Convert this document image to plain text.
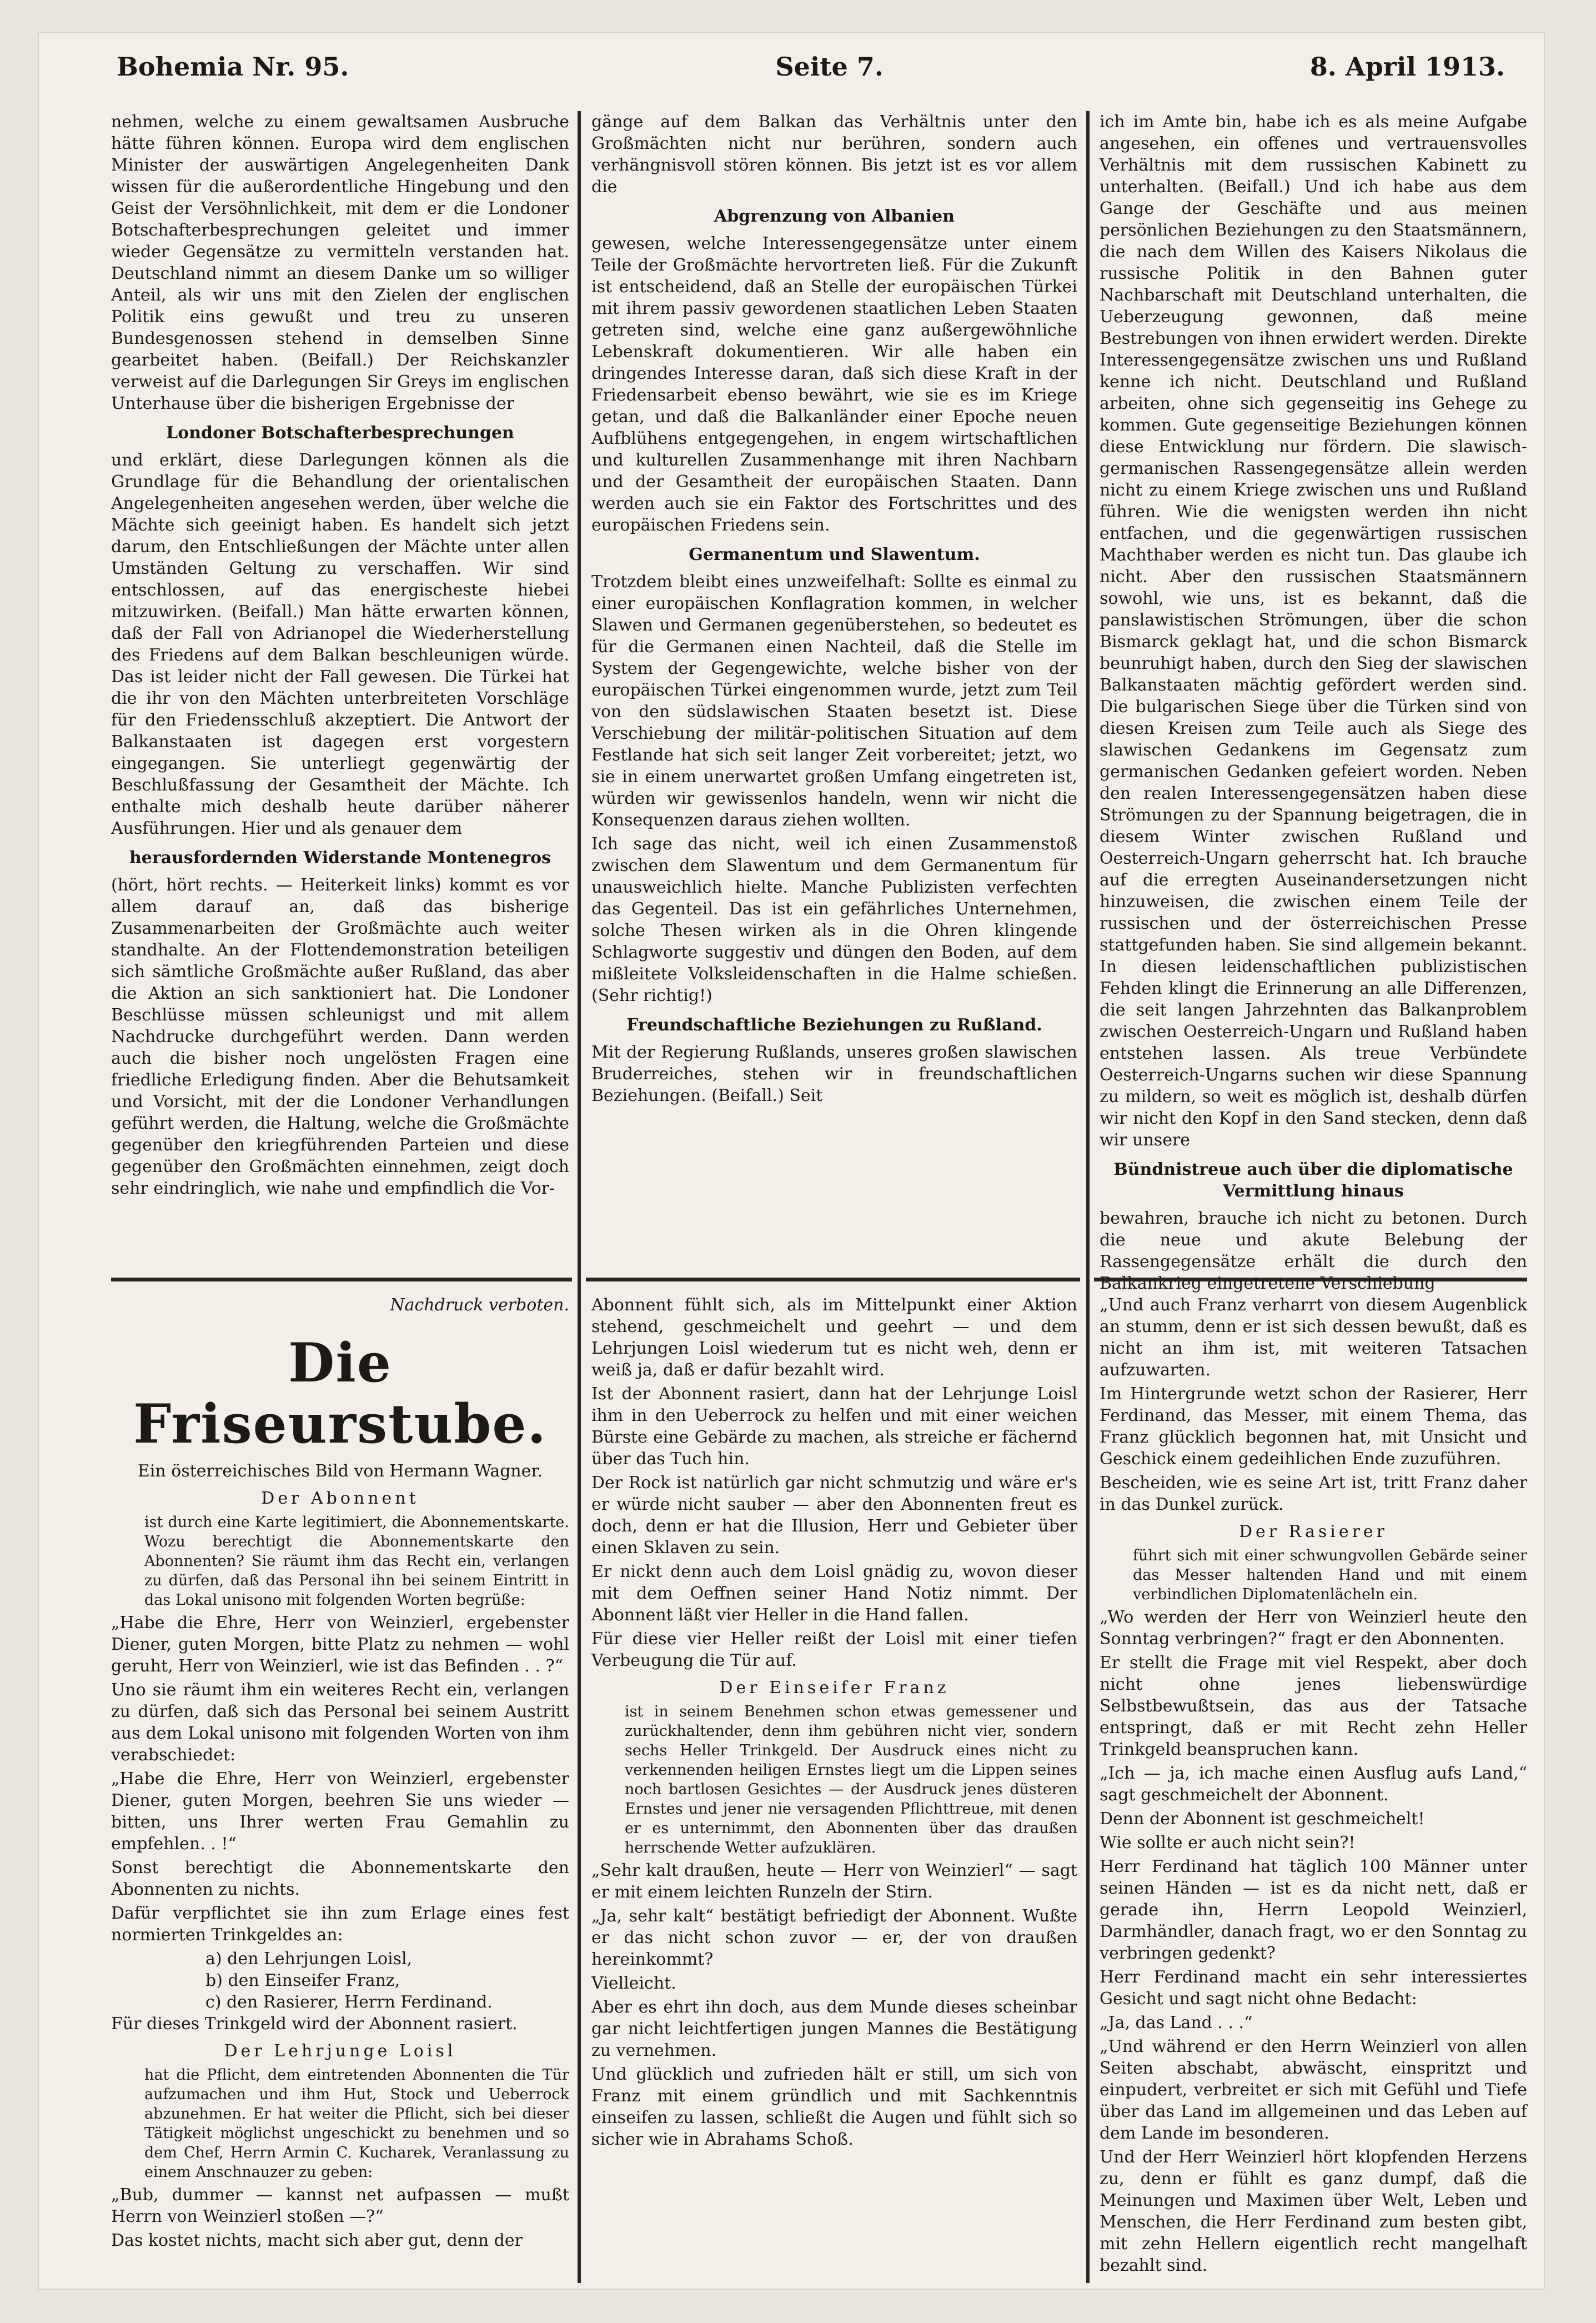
Bohemia Nr. 95.	Seite 7.	8. April 1913.

nehmen, welche zu einem gewaltsamen Ausbruche hätte führen können. Europa wird dem englischen Minister der auswärtigen Angelegenheiten Dank wissen für die außerordentliche Hingebung und den Geist der Versöhnlichkeit, mit dem er die Londoner Botschafterbesprechungen geleitet und immer wieder Gegensätze zu vermitteln verstanden hat. Deutschland nimmt an diesem Danke um so williger Anteil, als wir uns mit den Zielen der englischen Politik eins gewußt und treu zu unseren Bundesgenossen stehend in demselben Sinne gearbeitet haben. (Beifall.) Der Reichskanzler verweist auf die Darlegungen Sir Greys im englischen Unterhause über die bisherigen Ergebnisse der

Londoner Botschafterbesprechungen

und erklärt, diese Darlegungen können als die Grundlage für die Behandlung der orientalischen Angelegenheiten angesehen werden, über welche die Mächte sich geeinigt haben. Es handelt sich jetzt darum, den Entschließungen der Mächte unter allen Umständen Geltung zu verschaffen. Wir sind entschlossen, auf das energischeste hiebei mitzuwirken. (Beifall.) Man hätte erwarten können, daß der Fall von Adrianopel die Wiederherstellung des Friedens auf dem Balkan beschleunigen würde. Das ist leider nicht der Fall gewesen. Die Türkei hat die ihr von den Mächten unterbreiteten Vorschläge für den Friedensschluß akzeptiert. Die Antwort der Balkanstaaten ist dagegen erst vorgestern eingegangen. Sie unterliegt gegenwärtig der Beschlußfassung der Gesamtheit der Mächte. Ich enthalte mich deshalb heute darüber näherer Ausführungen. Hier und als genauer dem

herausfordernden Widerstande Montenegros

(hört, hört rechts. — Heiterkeit links) kommt es vor allem darauf an, daß das bisherige Zusammenarbeiten der Großmächte auch weiter standhalte. An der Flottendemonstration beteiligen sich sämtliche Großmächte außer Rußland, das aber die Aktion an sich sanktioniert hat. Die Londoner Beschlüsse müssen schleunigst und mit allem Nachdrucke durchgeführt werden. Dann werden auch die bisher noch ungelösten Fragen eine friedliche Erledigung finden. Aber die Behutsamkeit und Vorsicht, mit der die Londoner Verhandlungen geführt werden, die Haltung, welche die Großmächte gegenüber den kriegführenden Parteien und diese gegenüber den Großmächten einnehmen, zeigt doch sehr eindringlich, wie nahe und empfindlich die Vor-

gänge auf dem Balkan das Verhältnis unter den Großmächten nicht nur berühren, sondern auch verhängnisvoll stören können. Bis jetzt ist es vor allem die

Abgrenzung von Albanien

gewesen, welche Interessengegensätze unter einem Teile der Großmächte hervortreten ließ. Für die Zukunft ist entscheidend, daß an Stelle der europäischen Türkei mit ihrem passiv gewordenen staatlichen Leben Staaten getreten sind, welche eine ganz außergewöhnliche Lebenskraft dokumentieren. Wir alle haben ein dringendes Interesse daran, daß sich diese Kraft in der Friedensarbeit ebenso bewährt, wie sie es im Kriege getan, und daß die Balkanländer einer Epoche neuen Aufblühens entgegengehen, in engem wirtschaftlichen und kulturellen Zusammenhange mit ihren Nachbarn und der Gesamtheit der europäischen Staaten. Dann werden auch sie ein Faktor des Fortschrittes und des europäischen Friedens sein.

Germanentum und Slawentum.

Trotzdem bleibt eines unzweifelhaft: Sollte es einmal zu einer europäischen Konflagration kommen, in welcher Slawen und Germanen gegenüberstehen, so bedeutet es für die Germanen einen Nachteil, daß die Stelle im System der Gegengewichte, welche bisher von der europäischen Türkei eingenommen wurde, jetzt zum Teil von den südslawischen Staaten besetzt ist. Diese Verschiebung der militär-politischen Situation auf dem Festlande hat sich seit langer Zeit vorbereitet; jetzt, wo sie in einem unerwartet großen Umfang eingetreten ist, würden wir gewissenlos handeln, wenn wir nicht die Konsequenzen daraus ziehen wollten.

Ich sage das nicht, weil ich einen Zusammenstoß zwischen dem Slawentum und dem Germanentum für unausweichlich hielte. Manche Publizisten verfechten das Gegenteil. Das ist ein gefährliches Unternehmen, solche Thesen wirken als in die Ohren klingende Schlagworte suggestiv und düngen den Boden, auf dem mißleitete Volksleidenschaften in die Halme schießen. (Sehr richtig!)

Freundschaftliche Beziehungen zu Rußland.

Mit der Regierung Rußlands, unseres großen slawischen Bruderreiches, stehen wir in freundschaftlichen Beziehungen. (Beifall.) Seit

ich im Amte bin, habe ich es als meine Aufgabe angesehen, ein offenes und vertrauensvolles Verhältnis mit dem russischen Kabinett zu unterhalten. (Beifall.) Und ich habe aus dem Gange der Geschäfte und aus meinen persönlichen Beziehungen zu den Staatsmännern, die nach dem Willen des Kaisers Nikolaus die russische Politik in den Bahnen guter Nachbarschaft mit Deutschland unterhalten, die Ueberzeugung gewonnen, daß meine Bestrebungen von ihnen erwidert werden. Direkte Interessengegensätze zwischen uns und Rußland kenne ich nicht. Deutschland und Rußland arbeiten, ohne sich gegenseitig ins Gehege zu kommen. Gute gegenseitige Beziehungen können diese Entwicklung nur fördern. Die slawisch-germanischen Rassengegensätze allein werden nicht zu einem Kriege zwischen uns und Rußland führen. Wie die wenigsten werden ihn nicht entfachen, und die gegenwärtigen russischen Machthaber werden es nicht tun. Das glaube ich nicht. Aber den russischen Staatsmännern sowohl, wie uns, ist es bekannt, daß die panslawistischen Strömungen, über die schon Bismarck geklagt hat, und die schon Bismarck beunruhigt haben, durch den Sieg der slawischen Balkanstaaten mächtig gefördert werden sind. Die bulgarischen Siege über die Türken sind von diesen Kreisen zum Teile auch als Siege des slawischen Gedankens im Gegensatz zum germanischen Gedanken gefeiert worden. Neben den realen Interessengegensätzen haben diese Strömungen zu der Spannung beigetragen, die in diesem Winter zwischen Rußland und Oesterreich-Ungarn geherrscht hat. Ich brauche auf die erregten Auseinandersetzungen nicht hinzuweisen, die zwischen einem Teile der russischen und der österreichischen Presse stattgefunden haben. Sie sind allgemein bekannt. In diesen leidenschaftlichen publizistischen Fehden klingt die Erinnerung an alle Differenzen, die seit langen Jahrzehnten das Balkanproblem zwischen Oesterreich-Ungarn und Rußland haben entstehen lassen. Als treue Verbündete Oesterreich-Ungarns suchen wir diese Spannung zu mildern, so weit es möglich ist, deshalb dürfen wir nicht den Kopf in den Sand stecken, denn daß wir unsere

Bündnistreue auch über die diplomatische Vermittlung hinaus

bewahren, brauche ich nicht zu betonen. Durch die neue und akute Belebung der Rassengegensätze erhält die durch den Balkankrieg eingetretene Verschiebung

Nachdruck verboten.

Die Friseurstube.

Ein österreichisches Bild von Hermann Wagner.

Der Abonnent

ist durch eine Karte legitimiert, die Abonnementskarte. Wozu berechtigt die Abonnementskarte den Abonnenten? Sie räumt ihm das Recht ein, verlangen zu dürfen, daß das Personal ihn bei seinem Eintritt in das Lokal unisono mit folgenden Worten begrüße:

„Habe die Ehre, Herr von Weinzierl, ergebenster Diener, guten Morgen, bitte Platz zu nehmen — wohl geruht, Herr von Weinzierl, wie ist das Befinden . . ?“

Uno sie räumt ihm ein weiteres Recht ein, verlangen zu dürfen, daß sich das Personal bei seinem Austritt aus dem Lokal unisono mit folgenden Worten von ihm verabschiedet:

„Habe die Ehre, Herr von Weinzierl, ergebenster Diener, guten Morgen, beehren Sie uns wieder — bitten, uns Ihrer werten Frau Gemahlin zu empfehlen. . !“

Sonst berechtigt die Abonnementskarte den Abonnenten zu nichts.

Dafür verpflichtet sie ihn zum Erlage eines fest normierten Trinkgeldes an:

a) den Lehrjungen Loisl,

b) den Einseifer Franz,

c) den Rasierer, Herrn Ferdinand.

Für dieses Trinkgeld wird der Abonnent rasiert.

Der Lehrjunge Loisl

hat die Pflicht, dem eintretenden Abonnenten die Tür aufzumachen und ihm Hut, Stock und Ueberrock abzunehmen. Er hat weiter die Pflicht, sich bei dieser Tätigkeit möglichst ungeschickt zu benehmen und so dem Chef, Herrn Armin C. Kucharek, Veranlassung zu einem Anschnauzer zu geben:

„Bub, dummer — kannst net aufpassen — mußt Herrn von Weinzierl stoßen —?“

Das kostet nichts, macht sich aber gut, denn der

Abonnent fühlt sich, als im Mittelpunkt einer Aktion stehend, geschmeichelt und geehrt — und dem Lehrjungen Loisl wiederum tut es nicht weh, denn er weiß ja, daß er dafür bezahlt wird.

Ist der Abonnent rasiert, dann hat der Lehrjunge Loisl ihm in den Ueberrock zu helfen und mit einer weichen Bürste eine Gebärde zu machen, als streiche er fächernd über das Tuch hin.

Der Rock ist natürlich gar nicht schmutzig und wäre er's er würde nicht sauber — aber den Abonnenten freut es doch, denn er hat die Illusion, Herr und Gebieter über einen Sklaven zu sein.

Er nickt denn auch dem Loisl gnädig zu, wovon dieser mit dem Oeffnen seiner Hand Notiz nimmt. Der Abonnent läßt vier Heller in die Hand fallen.

Für diese vier Heller reißt der Loisl mit einer tiefen Verbeugung die Tür auf.

Der Einseifer Franz

ist in seinem Benehmen schon etwas gemessener und zurückhaltender, denn ihm gebühren nicht vier, sondern sechs Heller Trinkgeld. Der Ausdruck eines nicht zu verkennenden heiligen Ernstes liegt um die Lippen seines noch bartlosen Gesichtes — der Ausdruck jenes düsteren Ernstes und jener nie versagenden Pflichttreue, mit denen er es unternimmt, den Abonnenten über das draußen herrschende Wetter aufzuklären.

„Sehr kalt draußen, heute — Herr von Weinzierl“ — sagt er mit einem leichten Runzeln der Stirn.

„Ja, sehr kalt“ bestätigt befriedigt der Abonnent. Wußte er das nicht schon zuvor — er, der von draußen hereinkommt?

Vielleicht.

Aber es ehrt ihn doch, aus dem Munde dieses scheinbar gar nicht leichtfertigen jungen Mannes die Bestätigung zu vernehmen.

Und glücklich und zufrieden hält er still, um sich von Franz mit einem gründlich und mit Sachkenntnis einseifen zu lassen, schließt die Augen und fühlt sich so sicher wie in Abrahams Schoß.

„Und auch Franz verharrt von diesem Augenblick an stumm, denn er ist sich dessen bewußt, daß es nicht an ihm ist, mit weiteren Tatsachen aufzuwarten.

Im Hintergrunde wetzt schon der Rasierer, Herr Ferdinand, das Messer, mit einem Thema, das Franz glücklich begonnen hat, mit Unsicht und Geschick einem gedeihlichen Ende zuzuführen.

Bescheiden, wie es seine Art ist, tritt Franz daher in das Dunkel zurück.

Der Rasierer

führt sich mit einer schwungvollen Gebärde seiner das Messer haltenden Hand und mit einem verbindlichen Diplomatenlächeln ein.

„Wo werden der Herr von Weinzierl heute den Sonntag verbringen?“ fragt er den Abonnenten.

Er stellt die Frage mit viel Respekt, aber doch nicht ohne jenes liebenswürdige Selbstbewußtsein, das aus der Tatsache entspringt, daß er mit Recht zehn Heller Trinkgeld beanspruchen kann.

„Ich — ja, ich mache einen Ausflug aufs Land,“ sagt geschmeichelt der Abonnent.

Denn der Abonnent ist geschmeichelt!

Wie sollte er auch nicht sein?!

Herr Ferdinand hat täglich 100 Männer unter seinen Händen — ist es da nicht nett, daß er gerade ihn, Herrn Leopold Weinzierl, Darmhändler, danach fragt, wo er den Sonntag zu verbringen gedenkt?

Herr Ferdinand macht ein sehr interessiertes Gesicht und sagt nicht ohne Bedacht:

„Ja, das Land . . .“

„Und während er den Herrn Weinzierl von allen Seiten abschabt, abwäscht, einspritzt und einpudert, verbreitet er sich mit Gefühl und Tiefe über das Land im allgemeinen und das Leben auf dem Lande im besonderen.

Und der Herr Weinzierl hört klopfenden Herzens zu, denn er fühlt es ganz dumpf, daß die Meinungen und Maximen über Welt, Leben und Menschen, die Herr Ferdinand zum besten gibt, mit zehn Hellern eigentlich recht mangelhaft bezahlt sind.
